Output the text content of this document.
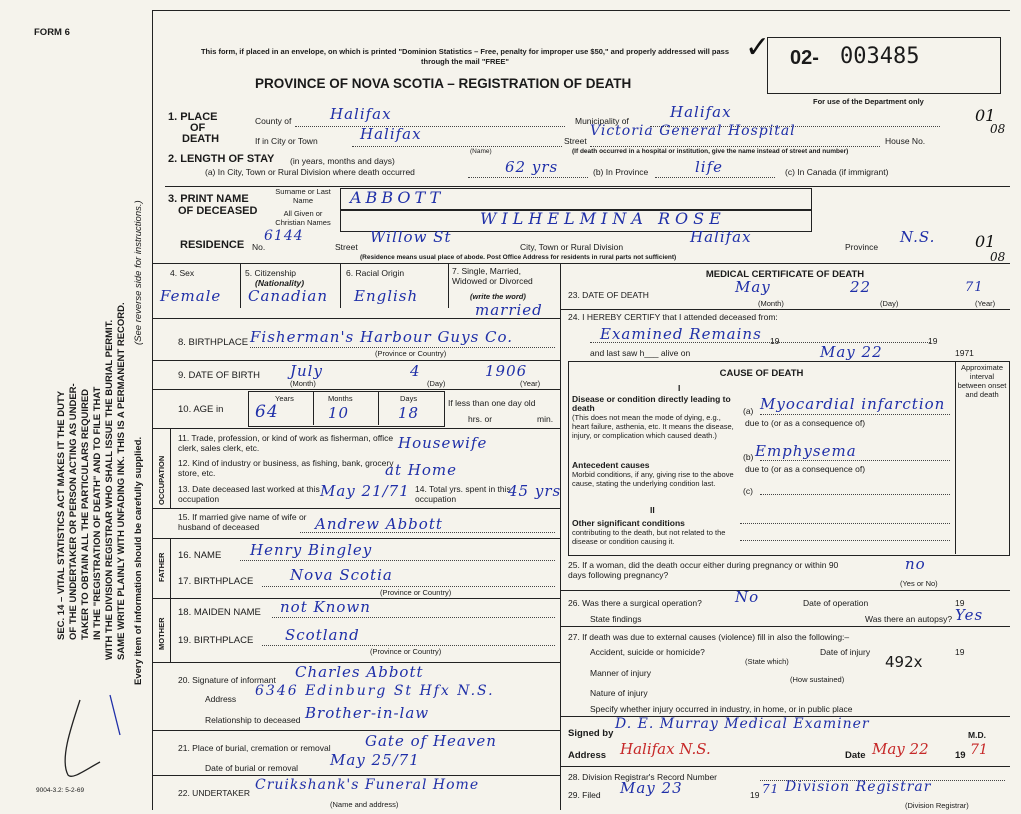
FORM 6
This form, if placed in an envelope, on which is printed "Dominion Statistics – Free, penalty for improper use $50," and properly addressed will pass through the mail "FREE"
PROVINCE OF NOVA SCOTIA – REGISTRATION OF DEATH
✓ 02- 003485
For use of the Department only
01
08
SEC. 14 – VITAL STATISTICS ACT MAKES IT THE DUTY OF THE UNDERTAKER OR PERSON ACTING AS UNDER- TAKER TO OBTAIN ALL THE PARTICULARS REQUIRED IN THE "REGISTRATION OF DEATH" AND TO FILE THAT WITH THE DIVISION REGISTRAR WHO SHALL ISSUE THE BURIAL PERMIT. SAME WRITE PLAINLY WITH UNFADING INK. THIS IS A PERMANENT RECORD. Every item of information should be carefully supplied.
(See reverse side for instructions.)
9004-3.2: 5-2-69
1. PLACE
OF
DEATH
County of	Halifax	Municipality of	Halifax
If in City or Town	Halifax
(Name)
Street
Victoria General Hospital
House No.
(If death occurred in a hospital or institution, give the name instead of street and number)
2. LENGTH OF STAY (in years, months and days)
(a) In City, Town or Rural Division where death occurred	62 yrs	(b) In Province	life	(c) In Canada (if immigrant)
3. PRINT NAME
OF DECEASED
Surname or Last Name	ABBOTT
All Given or Christian Names	WILHELMINA ROSE
RESIDENCE No.
6144
Street
Willow St
City, Town or Rural Division
Halifax
Province
N.S. 01
08
(Residence means usual place of abode. Post Office Address for residents in rural parts not sufficient)
4. Sex
Female
5. Citizenship
(Nationality)
Canadian
6. Racial Origin
English
7. Single, Married, Widowed or Divorced
(write the word)
married
8. BIRTHPLACE Fisherman's Harbour Guys Co.
(Province or Country)
9. DATE OF BIRTH July	4	1906
(Month)	(Day)	(Year)
10. AGE in
Years	Months	Days
64	10	18
If less than one day old
hrs. or	min.
OCCUPATION
11. Trade, profession, or kind of work as fisherman, office clerk, sales clerk, etc.	Housewife
12. Kind of industry or business, as fishing, bank, grocery store, etc.	at Home
13. Date deceased last worked at this occupation	May 21/71 14. Total yrs. spent in this occupation	45 yrs
15. If married give name of wife or husband of deceased	Andrew Abbott
FATHER 16. NAME Henry Bingley
17. BIRTHPLACE Nova Scotia
(Province or Country)
MOTHER
18. MAIDEN NAME not Known
19. BIRTHPLACE Scotland
(Province or Country)
20. Signature of informant Charles Abbott
Address 6346 Edinburg St Hfx N.S.
Relationship to deceased Brother-in-law
21. Place of burial, cremation or removal Gate of Heaven
Date of burial or removal May 25/71
22. UNDERTAKER Cruikshank's Funeral Home
(Name and address)
MEDICAL CERTIFICATE OF DEATH
23. DATE OF DEATH	May	22	71
(Month)	(Day)	(Year)
24. I HEREBY CERTIFY that I attended deceased from:
Examined Remains 19	19
and last saw h___ alive on	May 22	1971
CAUSE OF DEATH
Approximate interval between onset and death
I
Disease or condition directly leading to death
(This does not mean the mode of dying, e.g., heart failure, asthenia, etc. It means the disease, injury, or complication which caused death.)
(a) Myocardial infarction
due to (or as a consequence of)
(b) Emphysema
due to (or as a consequence of)
Antecedent causes
Morbid conditions, if any, giving rise to the above cause, stating the underlying condition last.
(c)
II
Other significant conditions
contributing to the death, but not related to the disease or condition causing it.
25. If a woman, did the death occur either during pregnancy or within 90 days following pregnancy?
no
(Yes or No)
26. Was there a surgical operation? No	Date of operation	19
State findings	Was there an autopsy? Yes
27. If death was due to external causes (violence) fill in also the following:–
Accident, suicide or homicide?	Date of injury	19
(State which)	492x
Manner of injury
(How sustained)
Nature of injury
Specify whether injury occurred in industry, in home, or in public place
Signed by
D. E. Murray Medical Examiner
M.D.
Address Halifax N.S.	Date May 22	19 71
28. Division Registrar's Record Number
29. Filed May 23	19 71 Division Registrar
(Division Registrar)
